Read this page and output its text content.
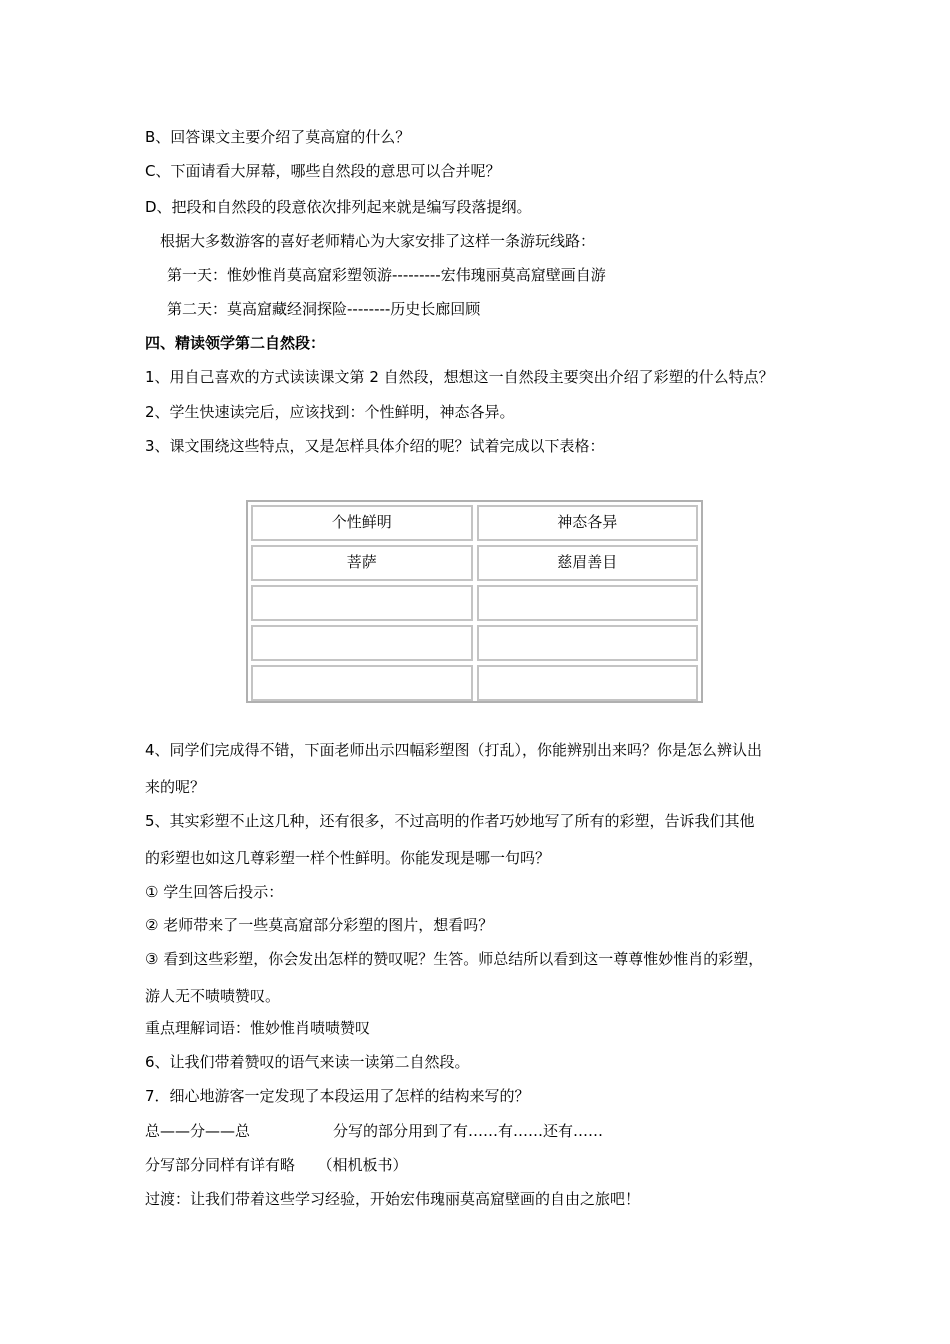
B、回答课文主要介绍了莫高窟的什么？
C、下面请看大屏幕，哪些自然段的意思可以合并呢？
D、把段和自然段的段意依次排列起来就是编写段落提纲。
根据大多数游客的喜好老师精心为大家安排了这样一条游玩线路：
第一天：惟妙惟肖莫高窟彩塑领游---------宏伟瑰丽莫高窟壁画自游
第二天：莫高窟藏经洞探险--------历史长廊回顾
四、精读领学第二自然段：
1、用自己喜欢的方式读读课文第 2 自然段，想想这一自然段主要突出介绍了彩塑的什么特点？
2、学生快速读完后，应该找到：个性鲜明，神态各异。
3、课文围绕这些特点，又是怎样具体介绍的呢？试着完成以下表格：
个性鲜明	神态各异
菩萨	慈眉善目
4、同学们完成得不错，下面老师出示四幅彩塑图（打乱），你能辨别出来吗？你是怎么辨认出
来的呢？
5、其实彩塑不止这几种，还有很多，不过高明的作者巧妙地写了所有的彩塑，告诉我们其他
的彩塑也如这几尊彩塑一样个性鲜明。你能发现是哪一句吗？
① 学生回答后投示：
② 老师带来了一些莫高窟部分彩塑的图片，想看吗？
③ 看到这些彩塑，你会发出怎样的赞叹呢？生答。师总结所以看到这一尊尊惟妙惟肖的彩塑，
游人无不啧啧赞叹。
重点理解词语：惟妙惟肖啧啧赞叹
6、让我们带着赞叹的语气来读一读第二自然段。
7．细心地游客一定发现了本段运用了怎样的结构来写的？
总——分——总	分写的部分用到了有……有……还有……
分写部分同样有详有略　　（相机板书）
过渡：让我们带着这些学习经验，开始宏伟瑰丽莫高窟壁画的自由之旅吧！
